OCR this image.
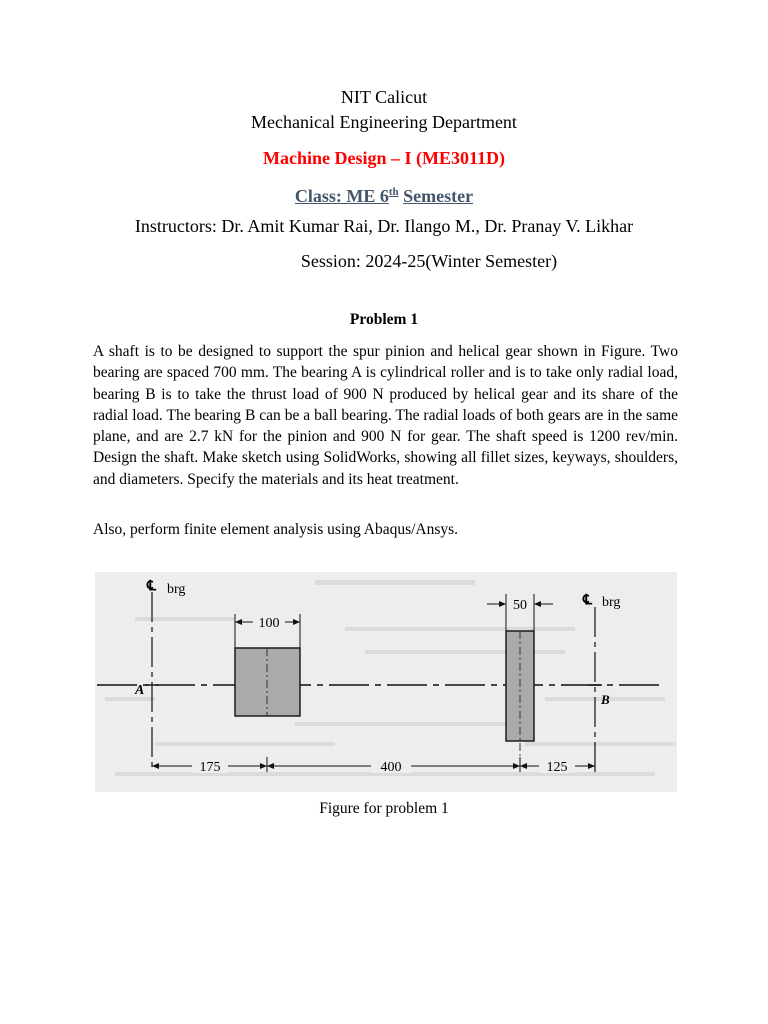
NIT Calicut
Mechanical Engineering Department
Machine Design – I (ME3011D)
Class: ME 6th Semester
Instructors: Dr. Amit Kumar Rai, Dr. Ilango M., Dr. Pranay V. Likhar
Session: 2024-25(Winter Semester)
Problem 1
A shaft is to be designed to support the spur pinion and helical gear shown in Figure. Two bearing are spaced 700 mm. The bearing A is cylindrical roller and is to take only radial load, bearing B is to take the thrust load of 900 N produced by helical gear and its share of the radial load. The bearing B can be a ball bearing. The radial loads of both gears are in the same plane, and are 2.7 kN for the pinion and 900 N for gear. The shaft speed is 1200 rev/min. Design the shaft. Make sketch using SolidWorks, showing all fillet sizes, keyways, shoulders, and diameters. Specify the materials and its heat treatment.
Also, perform finite element analysis using Abaqus/Ansys.
℄ brg
A
℄ brg
B
100
50
175	400	125
Figure for problem 1
